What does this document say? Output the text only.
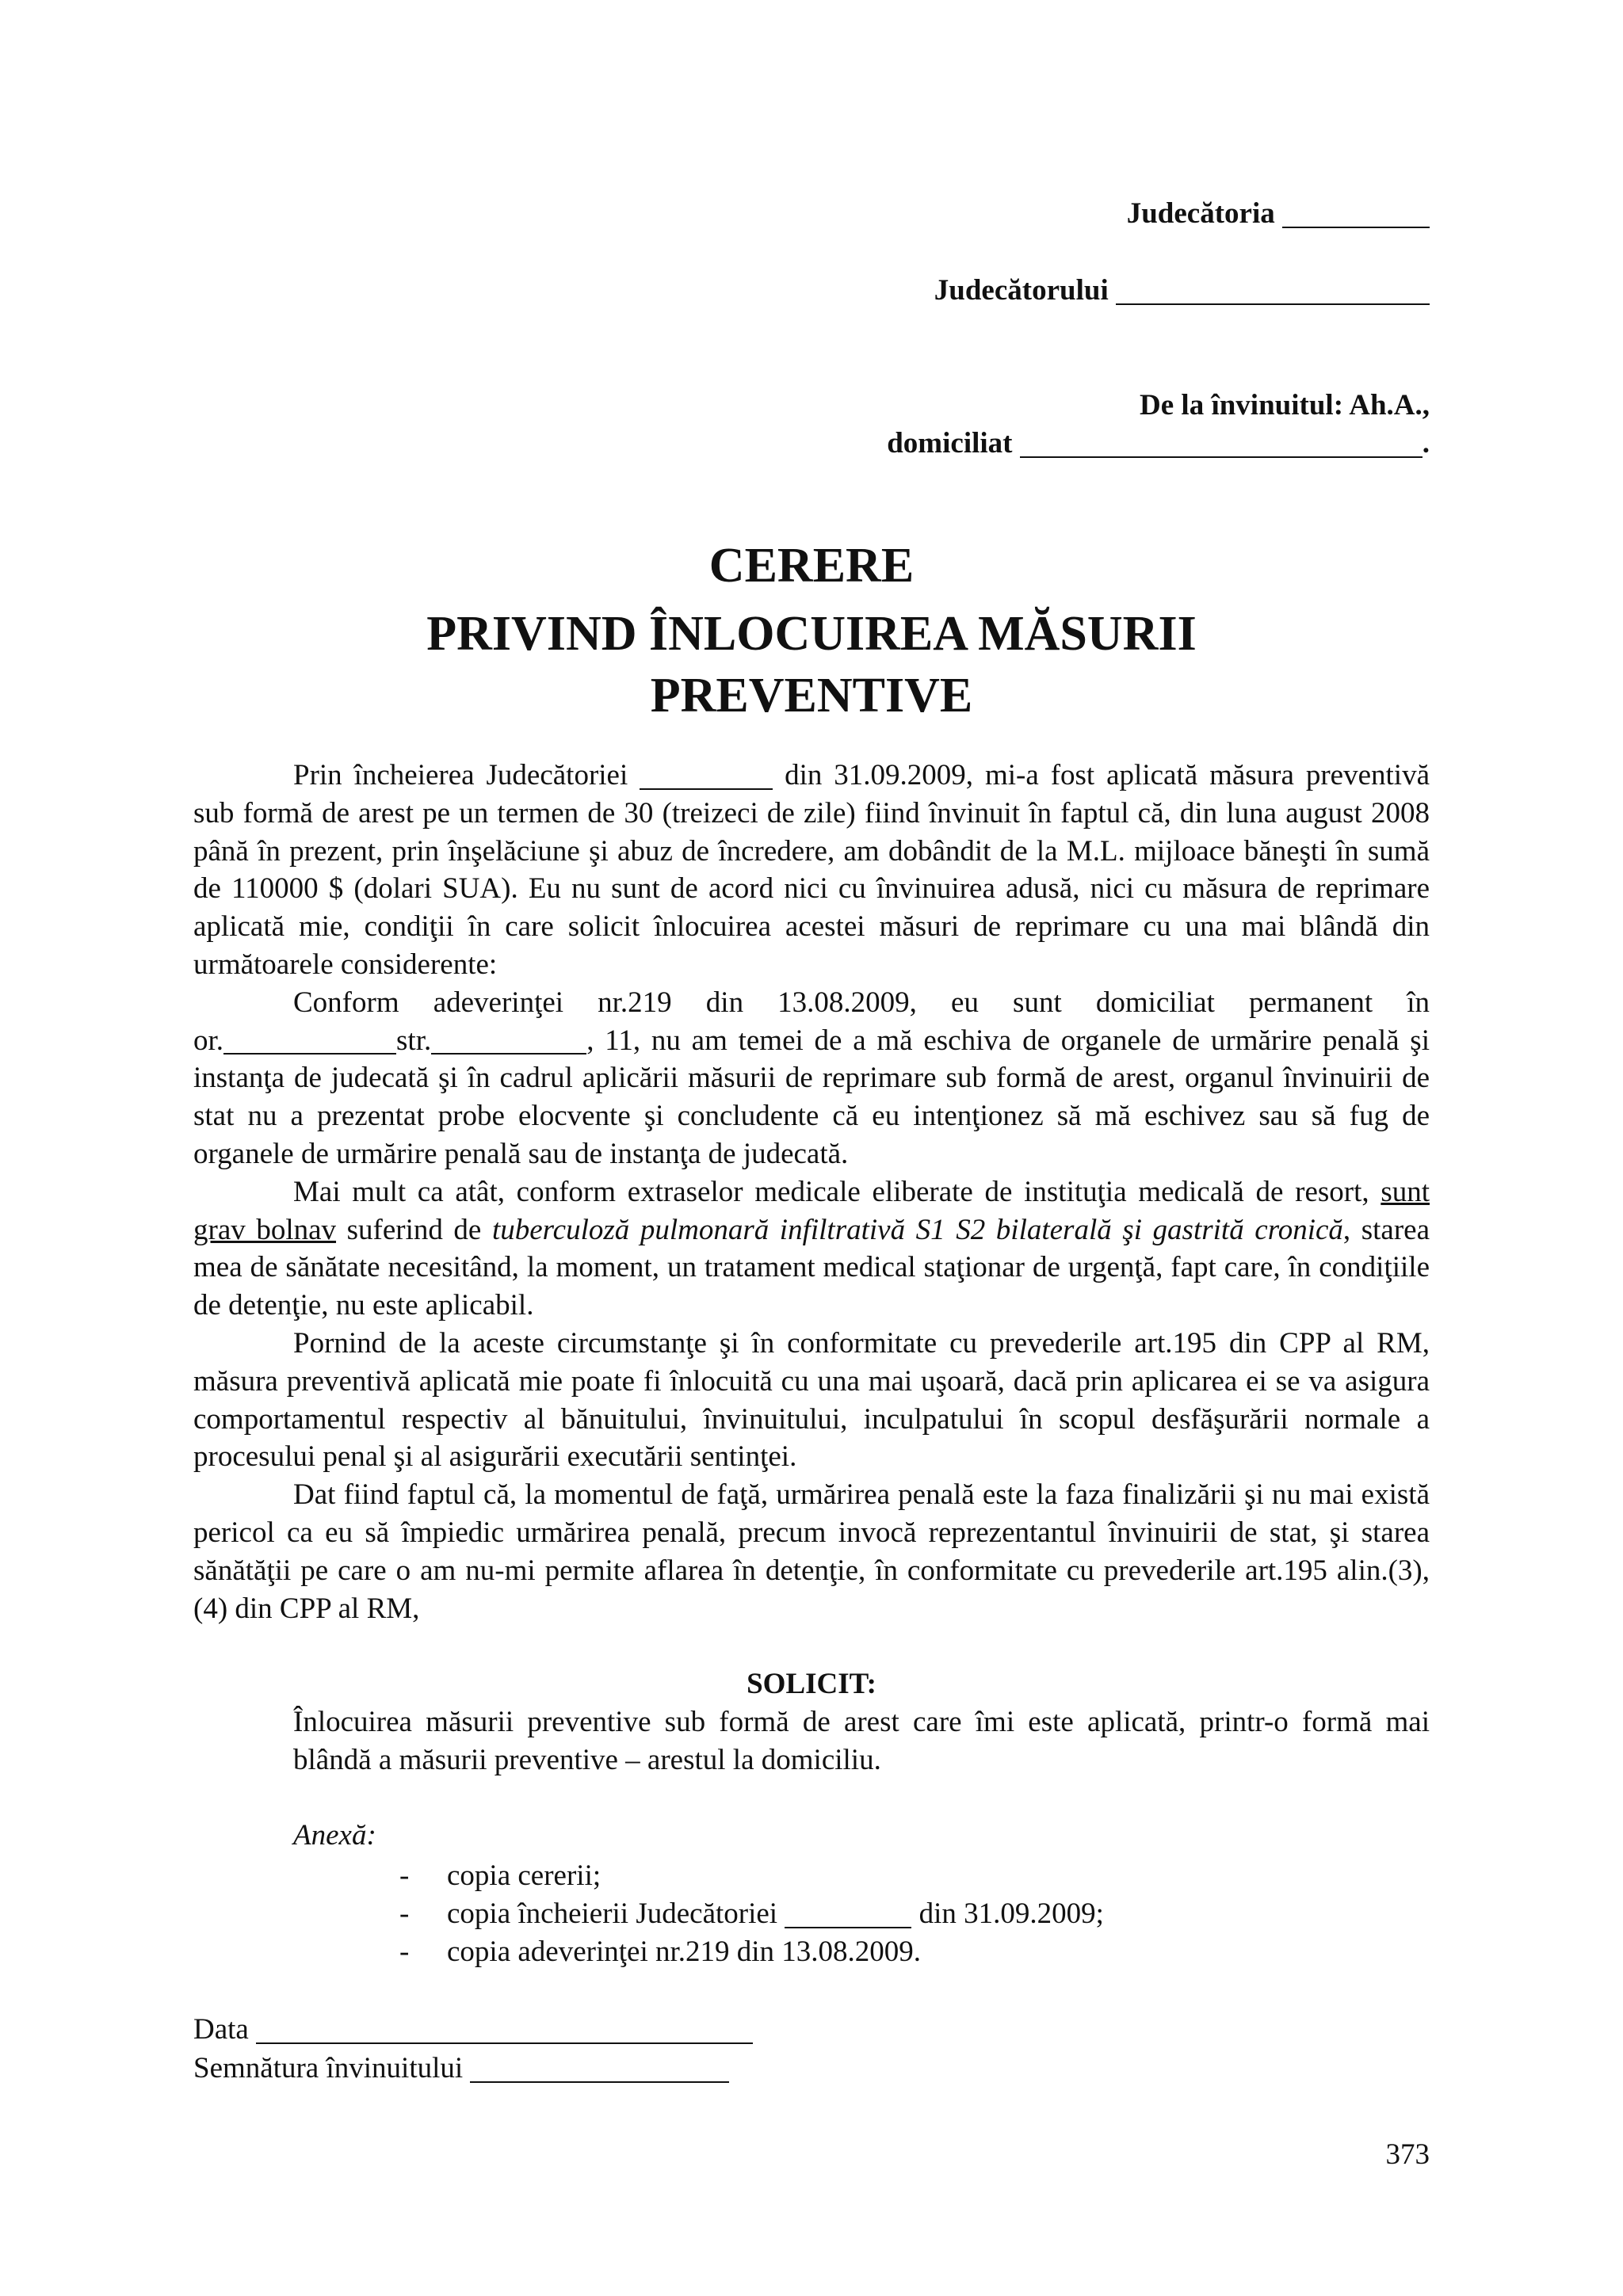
Judecătoria
Judecătorului
De la învinuitul: Ah.A.,
domiciliat	.
CERERE
PRIVIND ÎNLOCUIREA MĂSURII
PREVENTIVE

Prin încheierea Judecătoriei	din 31.09.2009, mi-a fost aplicată măsura preventivă sub formă de arest pe un termen de 30 (treizeci de zile) fiind învinuit în faptul că, din luna august 2008 până în prezent, prin înşelăciune şi abuz de încredere, am dobândit de la M.L. mijloace băneşti în sumă de 110000 $ (dolari SUA). Eu nu sunt de acord nici cu învinuirea adusă, nici cu măsura de reprimare aplicată mie, condiţii în care solicit înlocuirea acestei măsuri de reprimare cu una mai blândă din următoarele considerente:

Conform adeverinţei nr.219 din 13.08.2009, eu sunt domiciliat permanent în

or.	str.	, 11, nu am temei de a mă eschiva de organele de urmărire penală şi instanţa de judecată şi în cadrul aplicării măsurii de reprimare sub formă de arest, organul învinuirii de stat nu a prezentat probe elocvente şi concludente că eu intenţionez să mă eschivez sau să fug de organele de urmărire penală sau de instanţa de judecată.

Mai mult ca atât, conform extraselor medicale eliberate de instituţia medicală de resort, sunt grav bolnav suferind de tuberculoză pulmonară infiltrativă S1 S2 bilaterală şi gastrită cronică, starea mea de sănătate necesitând, la moment, un tratament medical staţionar de urgenţă, fapt care, în condiţiile de detenţie, nu este aplicabil.

Pornind de la aceste circumstanţe şi în conformitate cu prevederile art.195 din CPP al RM, măsura preventivă aplicată mie poate fi înlocuită cu una mai uşoară, dacă prin aplicarea ei se va asigura comportamentul respectiv al bănuitului, învinuitului, inculpatului în scopul desfăşurării normale a procesului penal şi al asigurării executării sentinţei.

Dat fiind faptul că, la momentul de faţă, urmărirea penală este la faza finalizării şi nu mai există pericol ca eu să împiedic urmărirea penală, precum invocă reprezentantul învinuirii de stat, şi starea sănătăţii pe care o am nu-mi permite aflarea în detenţie, în conformitate cu prevederile art.195 alin.(3), (4) din CPP al RM,

SOLICIT:
Înlocuirea măsurii preventive sub formă de arest care îmi este aplicată, printr-o formă mai blândă a măsurii preventive – arestul la domiciliu.
Anexă:
- copia cererii;
- copia încheierii Judecătoriei	din 31.09.2009;
- copia adeverinţei nr.219 din 13.08.2009.
Data
Semnătura învinuitului
373
